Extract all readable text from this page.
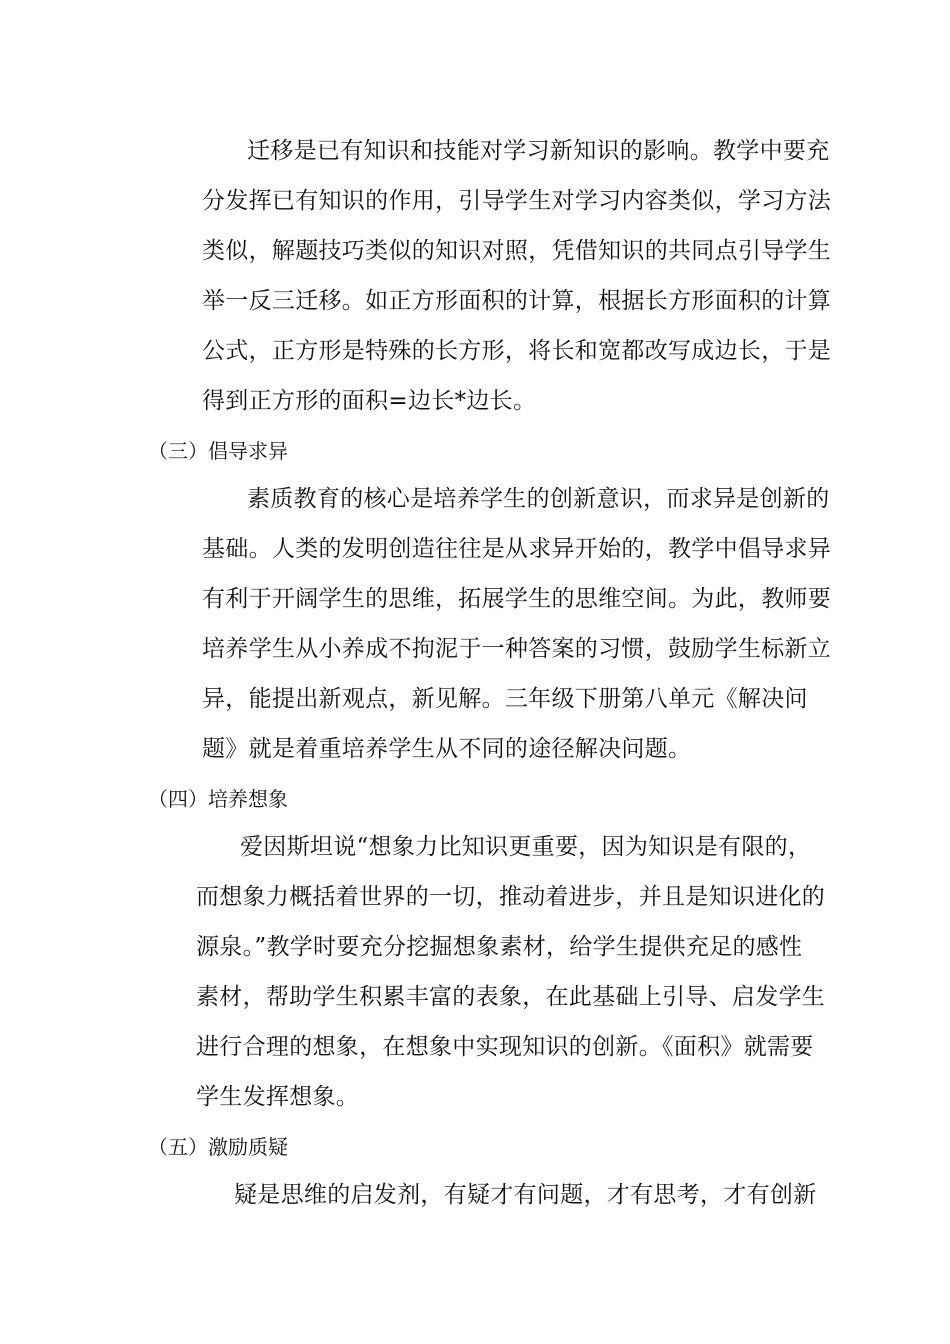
迁移是已有知识和技能对学习新知识的影响。教学中要充
分发挥已有知识的作用，引导学生对学习内容类似，学习方法
类似，解题技巧类似的知识对照，凭借知识的共同点引导学生
举一反三迁移。如正方形面积的计算，根据长方形面积的计算
公式，正方形是特殊的长方形，将长和宽都改写成边长，于是
得到正方形的面积=边长*边长。
（三）倡导求异
素质教育的核心是培养学生的创新意识，而求异是创新的
基础。人类的发明创造往往是从求异开始的，教学中倡导求异
有利于开阔学生的思维，拓展学生的思维空间。为此，教师要
培养学生从小养成不拘泥于一种答案的习惯，鼓励学生标新立
异，能提出新观点，新见解。三年级下册第八单元《解决问
题》就是着重培养学生从不同的途径解决问题。
（四）培养想象
爱因斯坦说“想象力比知识更重要，因为知识是有限的，
而想象力概括着世界的一切，推动着进步，并且是知识进化的
源泉。”教学时要充分挖掘想象素材，给学生提供充足的感性
素材，帮助学生积累丰富的表象，在此基础上引导、启发学生
进行合理的想象，在想象中实现知识的创新。《面积》就需要
学生发挥想象。
（五）激励质疑
疑是思维的启发剂，有疑才有问题，才有思考，才有创新
